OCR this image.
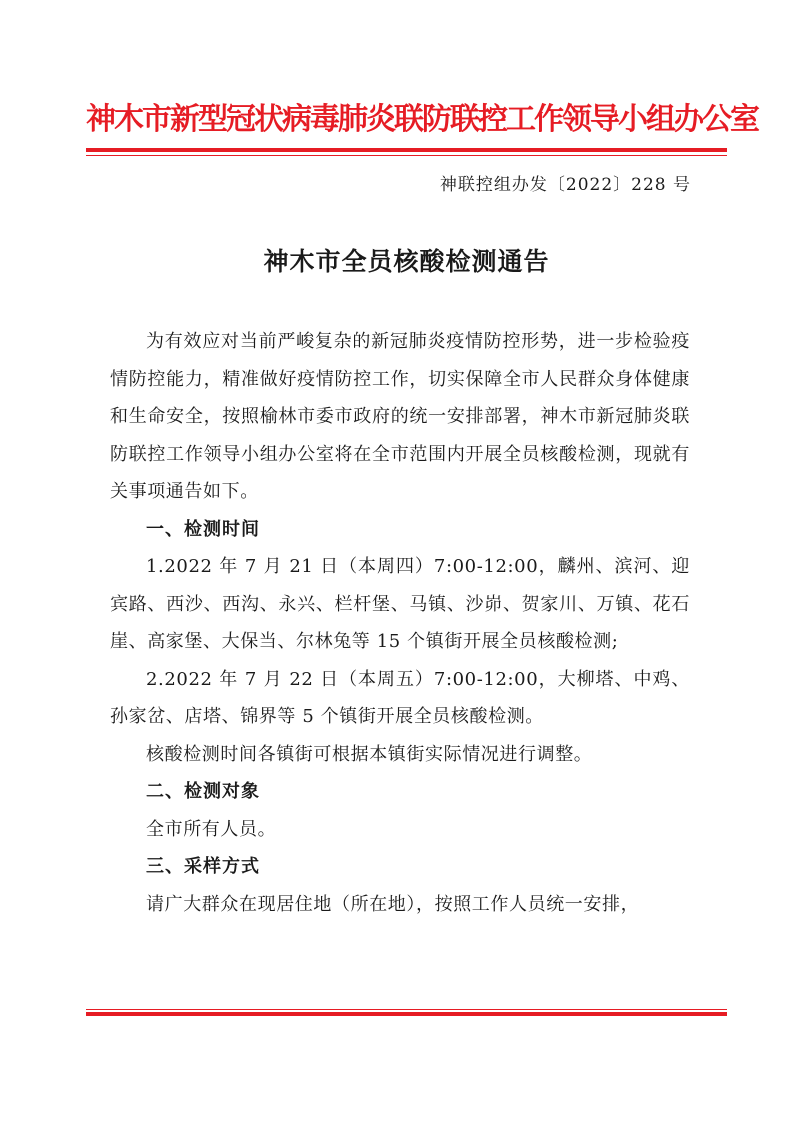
神木市新型冠状病毒肺炎联防联控工作领导小组办公室
神联控组办发〔2022〕228 号
神木市全员核酸检测通告

为有效应对当前严峻复杂的新冠肺炎疫情防控形势，进一步检验疫情防控能力，精准做好疫情防控工作，切实保障全市人民群众身体健康和生命安全，按照榆林市委市政府的统一安排部署，神木市新冠肺炎联防联控工作领导小组办公室将在全市范围内开展全员核酸检测，现就有关事项通告如下。

一、检测时间

1.2022 年 7 月 21 日（本周四）7:00-12:00，麟州、滨河、迎宾路、西沙、西沟、永兴、栏杆堡、马镇、沙峁、贺家川、万镇、花石崖、高家堡、大保当、尔林兔等 15 个镇街开展全员核酸检测;

2.2022 年 7 月 22 日（本周五）7:00-12:00，大柳塔、中鸡、孙家岔、店塔、锦界等 5 个镇街开展全员核酸检测。

核酸检测时间各镇街可根据本镇街实际情况进行调整。

二、检测对象

全市所有人员。

三、采样方式

请广大群众在现居住地（所在地），按照工作人员统一安排，
